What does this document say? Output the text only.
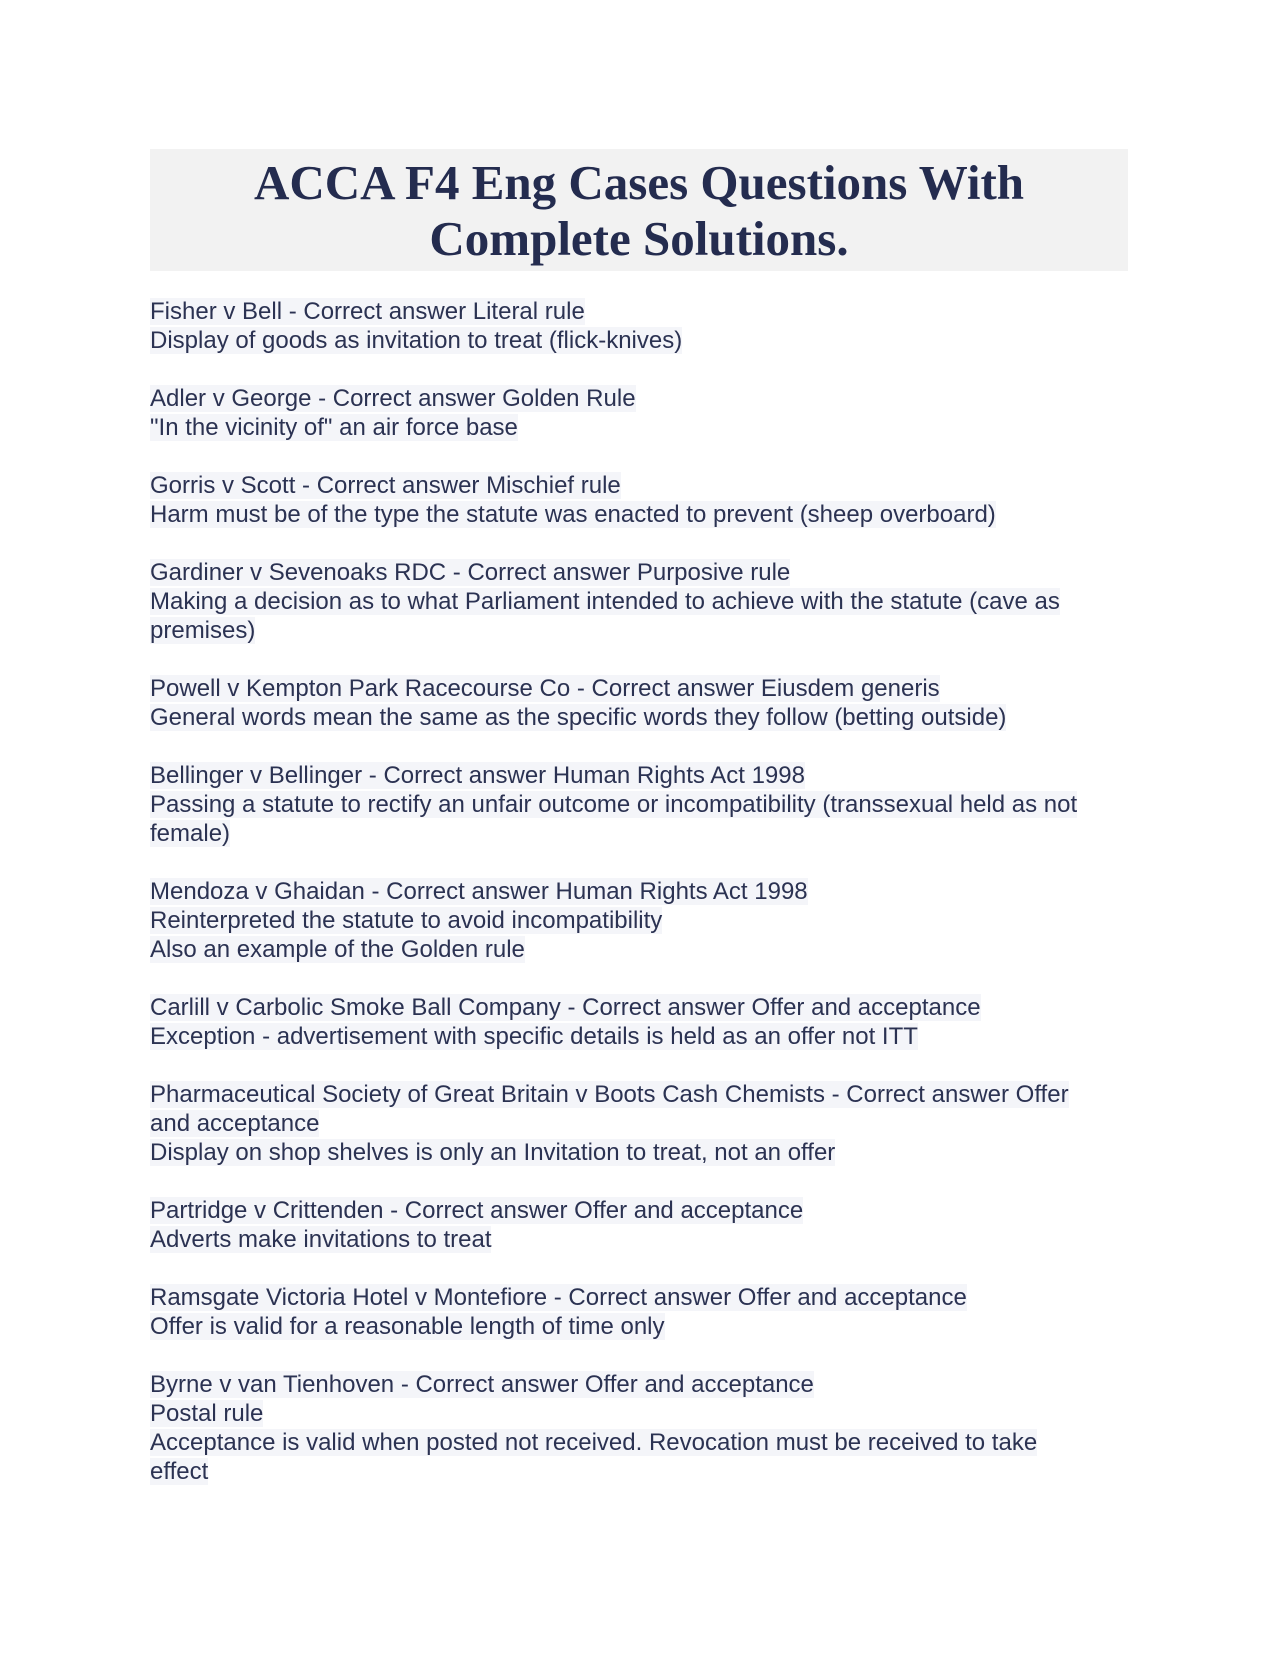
ACCA F4 Eng Cases Questions With
Complete Solutions.
Fisher v Bell - Correct answer Literal rule
Display of goods as invitation to treat (flick-knives)
Adler v George - Correct answer Golden Rule
"In the vicinity of" an air force base
Gorris v Scott - Correct answer Mischief rule
Harm must be of the type the statute was enacted to prevent (sheep overboard)
Gardiner v Sevenoaks RDC - Correct answer Purposive rule
Making a decision as to what Parliament intended to achieve with the statute (cave as
premises)
Powell v Kempton Park Racecourse Co - Correct answer Eiusdem generis
General words mean the same as the specific words they follow (betting outside)
Bellinger v Bellinger - Correct answer Human Rights Act 1998
Passing a statute to rectify an unfair outcome or incompatibility (transsexual held as not
female)
Mendoza v Ghaidan - Correct answer Human Rights Act 1998
Reinterpreted the statute to avoid incompatibility
Also an example of the Golden rule
Carlill v Carbolic Smoke Ball Company - Correct answer Offer and acceptance
Exception - advertisement with specific details is held as an offer not ITT
Pharmaceutical Society of Great Britain v Boots Cash Chemists - Correct answer Offer
and acceptance
Display on shop shelves is only an Invitation to treat, not an offer
Partridge v Crittenden - Correct answer Offer and acceptance
Adverts make invitations to treat
Ramsgate Victoria Hotel v Montefiore - Correct answer Offer and acceptance
Offer is valid for a reasonable length of time only
Byrne v van Tienhoven - Correct answer Offer and acceptance
Postal rule
Acceptance is valid when posted not received. Revocation must be received to take
effect
